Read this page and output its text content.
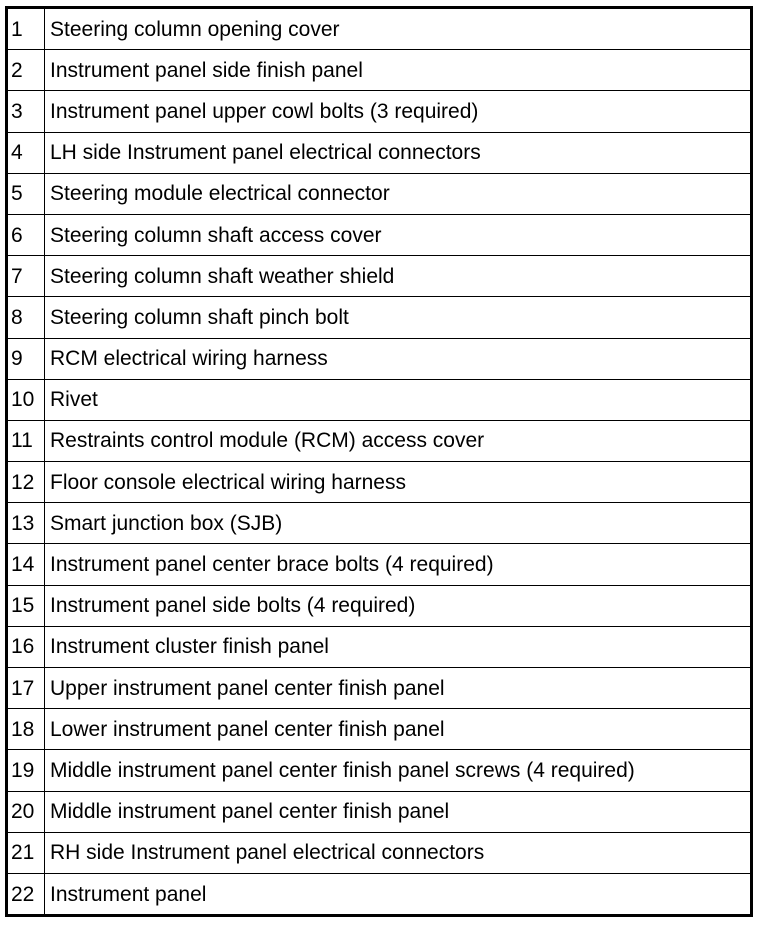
1	Steering column opening cover
2	Instrument panel side finish panel
3	Instrument panel upper cowl bolts (3 required)
4	LH side Instrument panel electrical connectors
5	Steering module electrical connector
6	Steering column shaft access cover
7	Steering column shaft weather shield
8	Steering column shaft pinch bolt
9	RCM electrical wiring harness
10	Rivet
11	Restraints control module (RCM) access cover
12	Floor console electrical wiring harness
13	Smart junction box (SJB)
14	Instrument panel center brace bolts (4 required)
15	Instrument panel side bolts (4 required)
16	Instrument cluster finish panel
17	Upper instrument panel center finish panel
18	Lower instrument panel center finish panel
19	Middle instrument panel center finish panel screws (4 required)
20	Middle instrument panel center finish panel
21	RH side Instrument panel electrical connectors
22	Instrument panel
